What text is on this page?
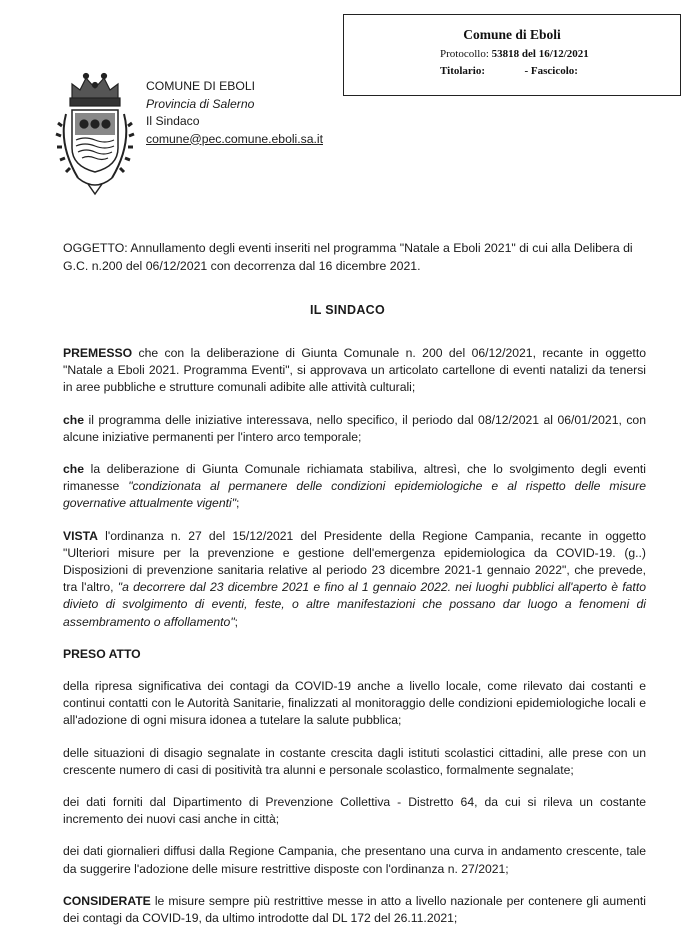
Comune di Eboli
Protocollo: 53818 del 16/12/2021
Titolario:	- Fascicolo:
COMUNE DI EBOLI
Provincia di Salerno
Il Sindaco
comune@pec.comune.eboli.sa.it
OGGETTO: Annullamento degli eventi inseriti nel programma "Natale a Eboli 2021" di cui alla Delibera di G.C. n.200 del 06/12/2021 con decorrenza dal 16 dicembre 2021.
IL SINDACO

PREMESSO che con la deliberazione di Giunta Comunale n. 200 del 06/12/2021, recante in oggetto "Natale a Eboli 2021. Programma Eventi", si approvava un articolato cartellone di eventi natalizi da tenersi in aree pubbliche e strutture comunali adibite alle attività culturali;

che il programma delle iniziative interessava, nello specifico, il periodo dal 08/12/2021 al 06/01/2021, con alcune iniziative permanenti per l'intero arco temporale;

che la deliberazione di Giunta Comunale richiamata stabiliva, altresì, che lo svolgimento degli eventi rimanesse "condizionata al permanere delle condizioni epidemiologiche e al rispetto delle misure governative attualmente vigenti";

VISTA l'ordinanza n. 27 del 15/12/2021 del Presidente della Regione Campania, recante in oggetto "Ulteriori misure per la prevenzione e gestione dell'emergenza epidemiologica da COVID-19. (g..) Disposizioni di prevenzione sanitaria relative al periodo 23 dicembre 2021-1 gennaio 2022", che prevede, tra l'altro, "a decorrere dal 23 dicembre 2021 e fino al 1 gennaio 2022. nei luoghi pubblici all'aperto è fatto divieto di svolgimento di eventi, feste, o altre manifestazioni che possano dar luogo a fenomeni di assembramento o affollamento";

PRESO ATTO

della ripresa significativa dei contagi da COVID-19 anche a livello locale, come rilevato dai costanti e continui contatti con le Autorità Sanitarie, finalizzati al monitoraggio delle condizioni epidemiologiche locali e all'adozione di ogni misura idonea a tutelare la salute pubblica;

delle situazioni di disagio segnalate in costante crescita dagli istituti scolastici cittadini, alle prese con un crescente numero di casi di positività tra alunni e personale scolastico, formalmente segnalate;

dei dati forniti dal Dipartimento di Prevenzione Collettiva - Distretto 64, da cui si rileva un costante incremento dei nuovi casi anche in città;

dei dati giornalieri diffusi dalla Regione Campania, che presentano una curva in andamento crescente, tale da suggerire l'adozione delle misure restrittive disposte con l'ordinanza n. 27/2021;

CONSIDERATE le misure sempre più restrittive messe in atto a livello nazionale per contenere gli aumenti dei contagi da COVID-19, da ultimo introdotte dal DL 172 del 26.11.2021;
